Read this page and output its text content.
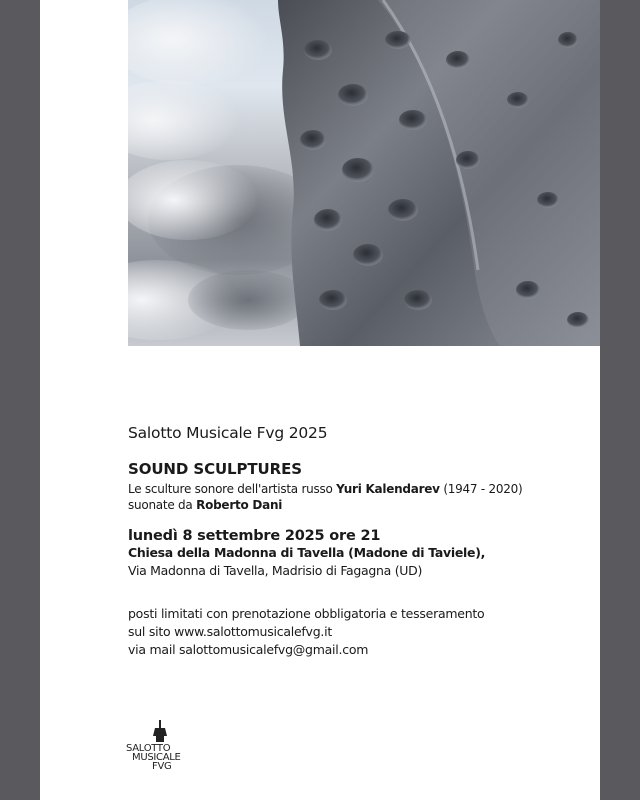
Salotto Musicale Fvg 2025
SOUND SCULPTURES
Le sculture sonore dell'artista russo Yuri Kalendarev (1947 - 2020)
suonate da Roberto Dani
lunedì 8 settembre 2025 ore 21
Chiesa della Madonna di Tavella (Madone di Taviele),
Via Madonna di Tavella, Madrisio di Fagagna (UD)
posti limitati con prenotazione obbligatoria e tesseramento
sul sito www.salottomusicalefvg.it
via mail salottomusicalefvg@gmail.com
SALOTTO
MUSICALE
FVG
